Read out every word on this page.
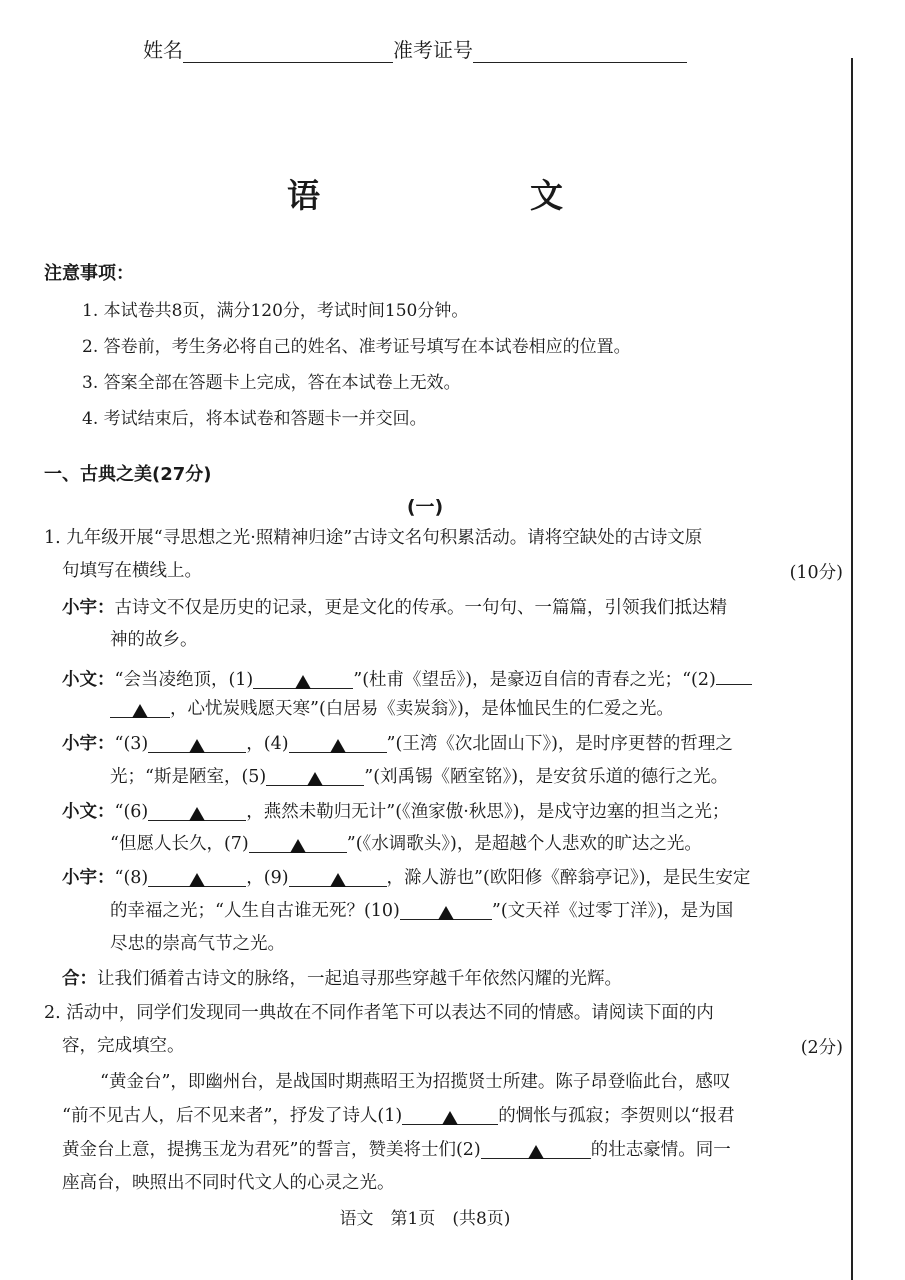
姓名	准考证号
语　　文
注意事项：
1. 本试卷共8页，满分120分，考试时间150分钟。
2. 答卷前，考生务必将自己的姓名、准考证号填写在本试卷相应的位置。
3. 答案全部在答题卡上完成，答在本试卷上无效。
4. 考试结束后，将本试卷和答题卡一并交回。
一、古典之美(27分)
(一)
1. 九年级开展“寻思想之光·照精神归途”古诗文名句积累活动。请将空缺处的古诗文原
句填写在横线上。	(10分)
小宇：古诗文不仅是历史的记录，更是文化的传承。一句句、一篇篇，引领我们抵达精
神的故乡。
小文：“会当凌绝顶，(1)	”(杜甫《望岳》)，是豪迈自信的青春之光；“(2)
，心忧炭贱愿天寒”(白居易《卖炭翁》)，是体恤民生的仁爱之光。
小宇：“(3)	，(4)	”(王湾《次北固山下》)，是时序更替的哲理之
光；“斯是陋室，(5)	”(刘禹锡《陋室铭》)，是安贫乐道的德行之光。
小文：“(6)	，燕然未勒归无计”(《渔家傲·秋思》)，是戍守边塞的担当之光；
“但愿人长久，(7)	”(《水调歌头》)，是超越个人悲欢的旷达之光。
小宇：“(8)	，(9)	，滁人游也”(欧阳修《醉翁亭记》)，是民生安定
的幸福之光；“人生自古谁无死？(10)	”(文天祥《过零丁洋》)，是为国
尽忠的崇高气节之光。
合：让我们循着古诗文的脉络，一起追寻那些穿越千年依然闪耀的光辉。
2. 活动中，同学们发现同一典故在不同作者笔下可以表达不同的情感。请阅读下面的内
容，完成填空。	(2分)
“黄金台”，即幽州台，是战国时期燕昭王为招揽贤士所建。陈子昂登临此台，感叹
“前不见古人，后不见来者”，抒发了诗人(1)	的惆怅与孤寂；李贺则以“报君
黄金台上意，提携玉龙为君死”的誓言，赞美将士们(2)	的壮志豪情。同一
座高台，映照出不同时代文人的心灵之光。
语文　第1页　(共8页)
